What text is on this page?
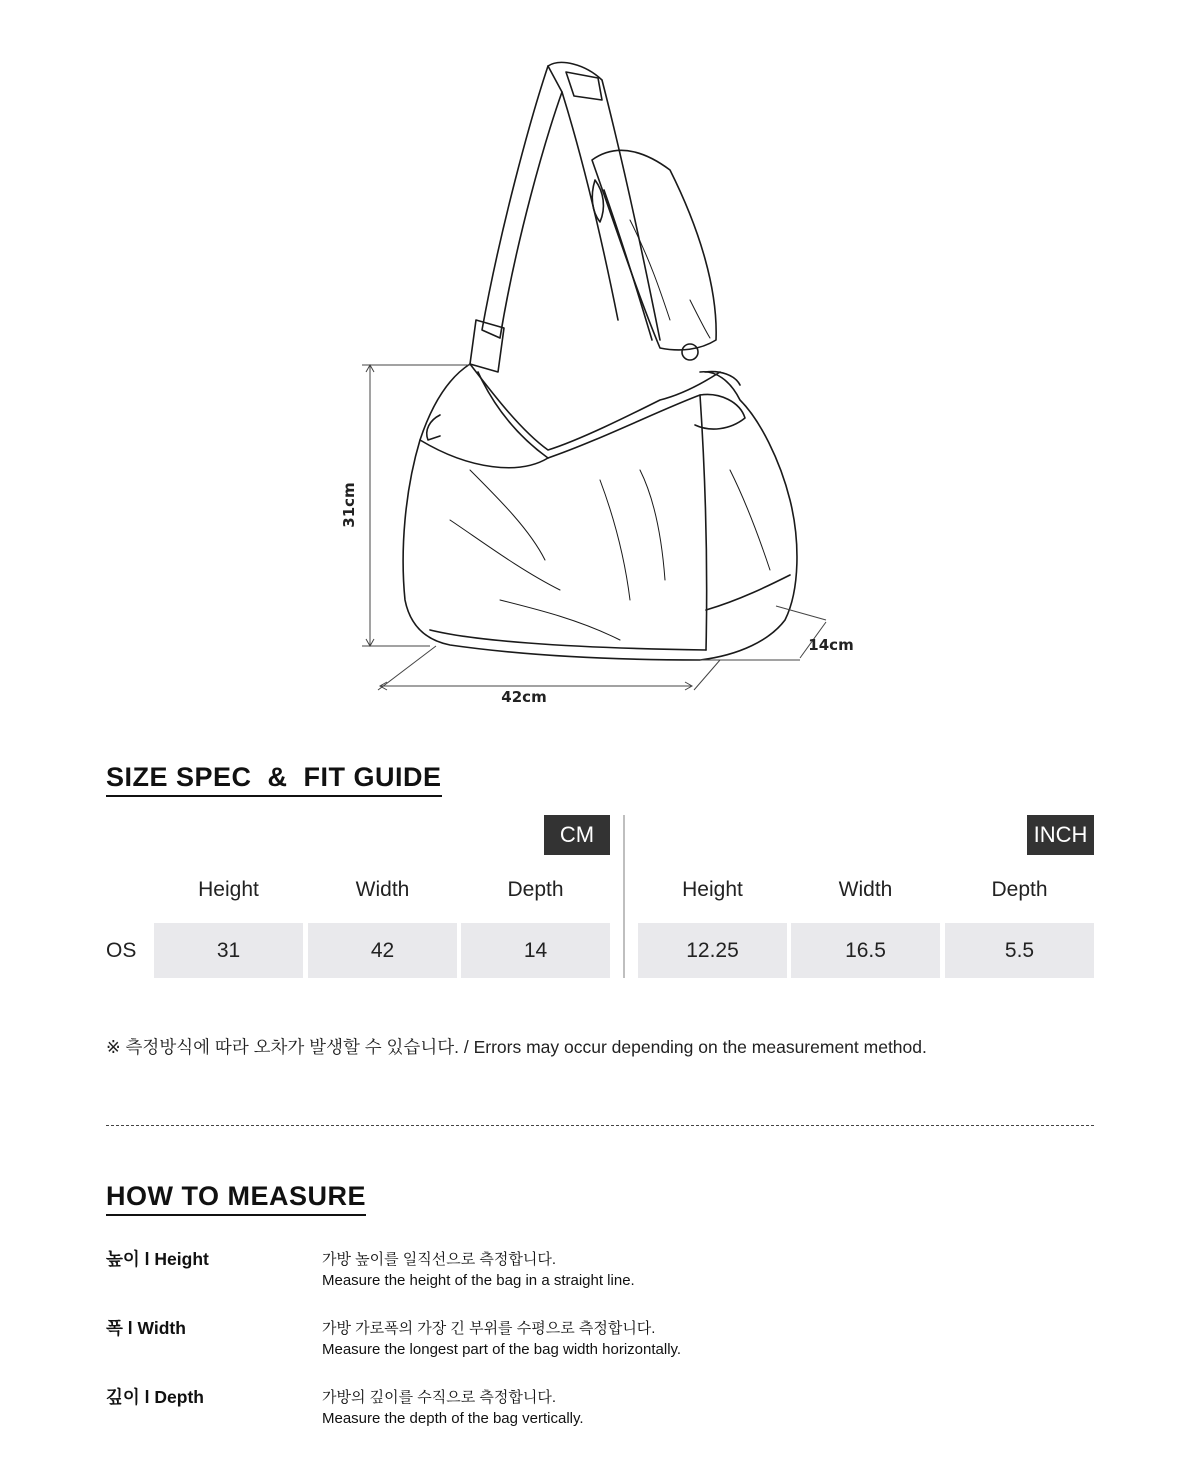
31cm
42cm
14cm
SIZE SPEC  &  FIT GUIDE
CM	INCH
Height	Width	Depth	Height	Width	Depth
OS	31	42	14	12.25	16.5	5.5
※ 측정방식에 따라 오차가 발생할 수 있습니다. / Errors may occur depending on the measurement method.
HOW TO MEASURE
높이 l Height	가방 높이를 일직선으로 측정합니다.
Measure the height of the bag in a straight line.
폭 l Width	가방 가로폭의 가장 긴 부위를 수평으로 측정합니다.
Measure the longest part of the bag width horizontally.
깊이 l Depth	가방의 깊이를 수직으로 측정합니다.
Measure the depth of the bag vertically.
